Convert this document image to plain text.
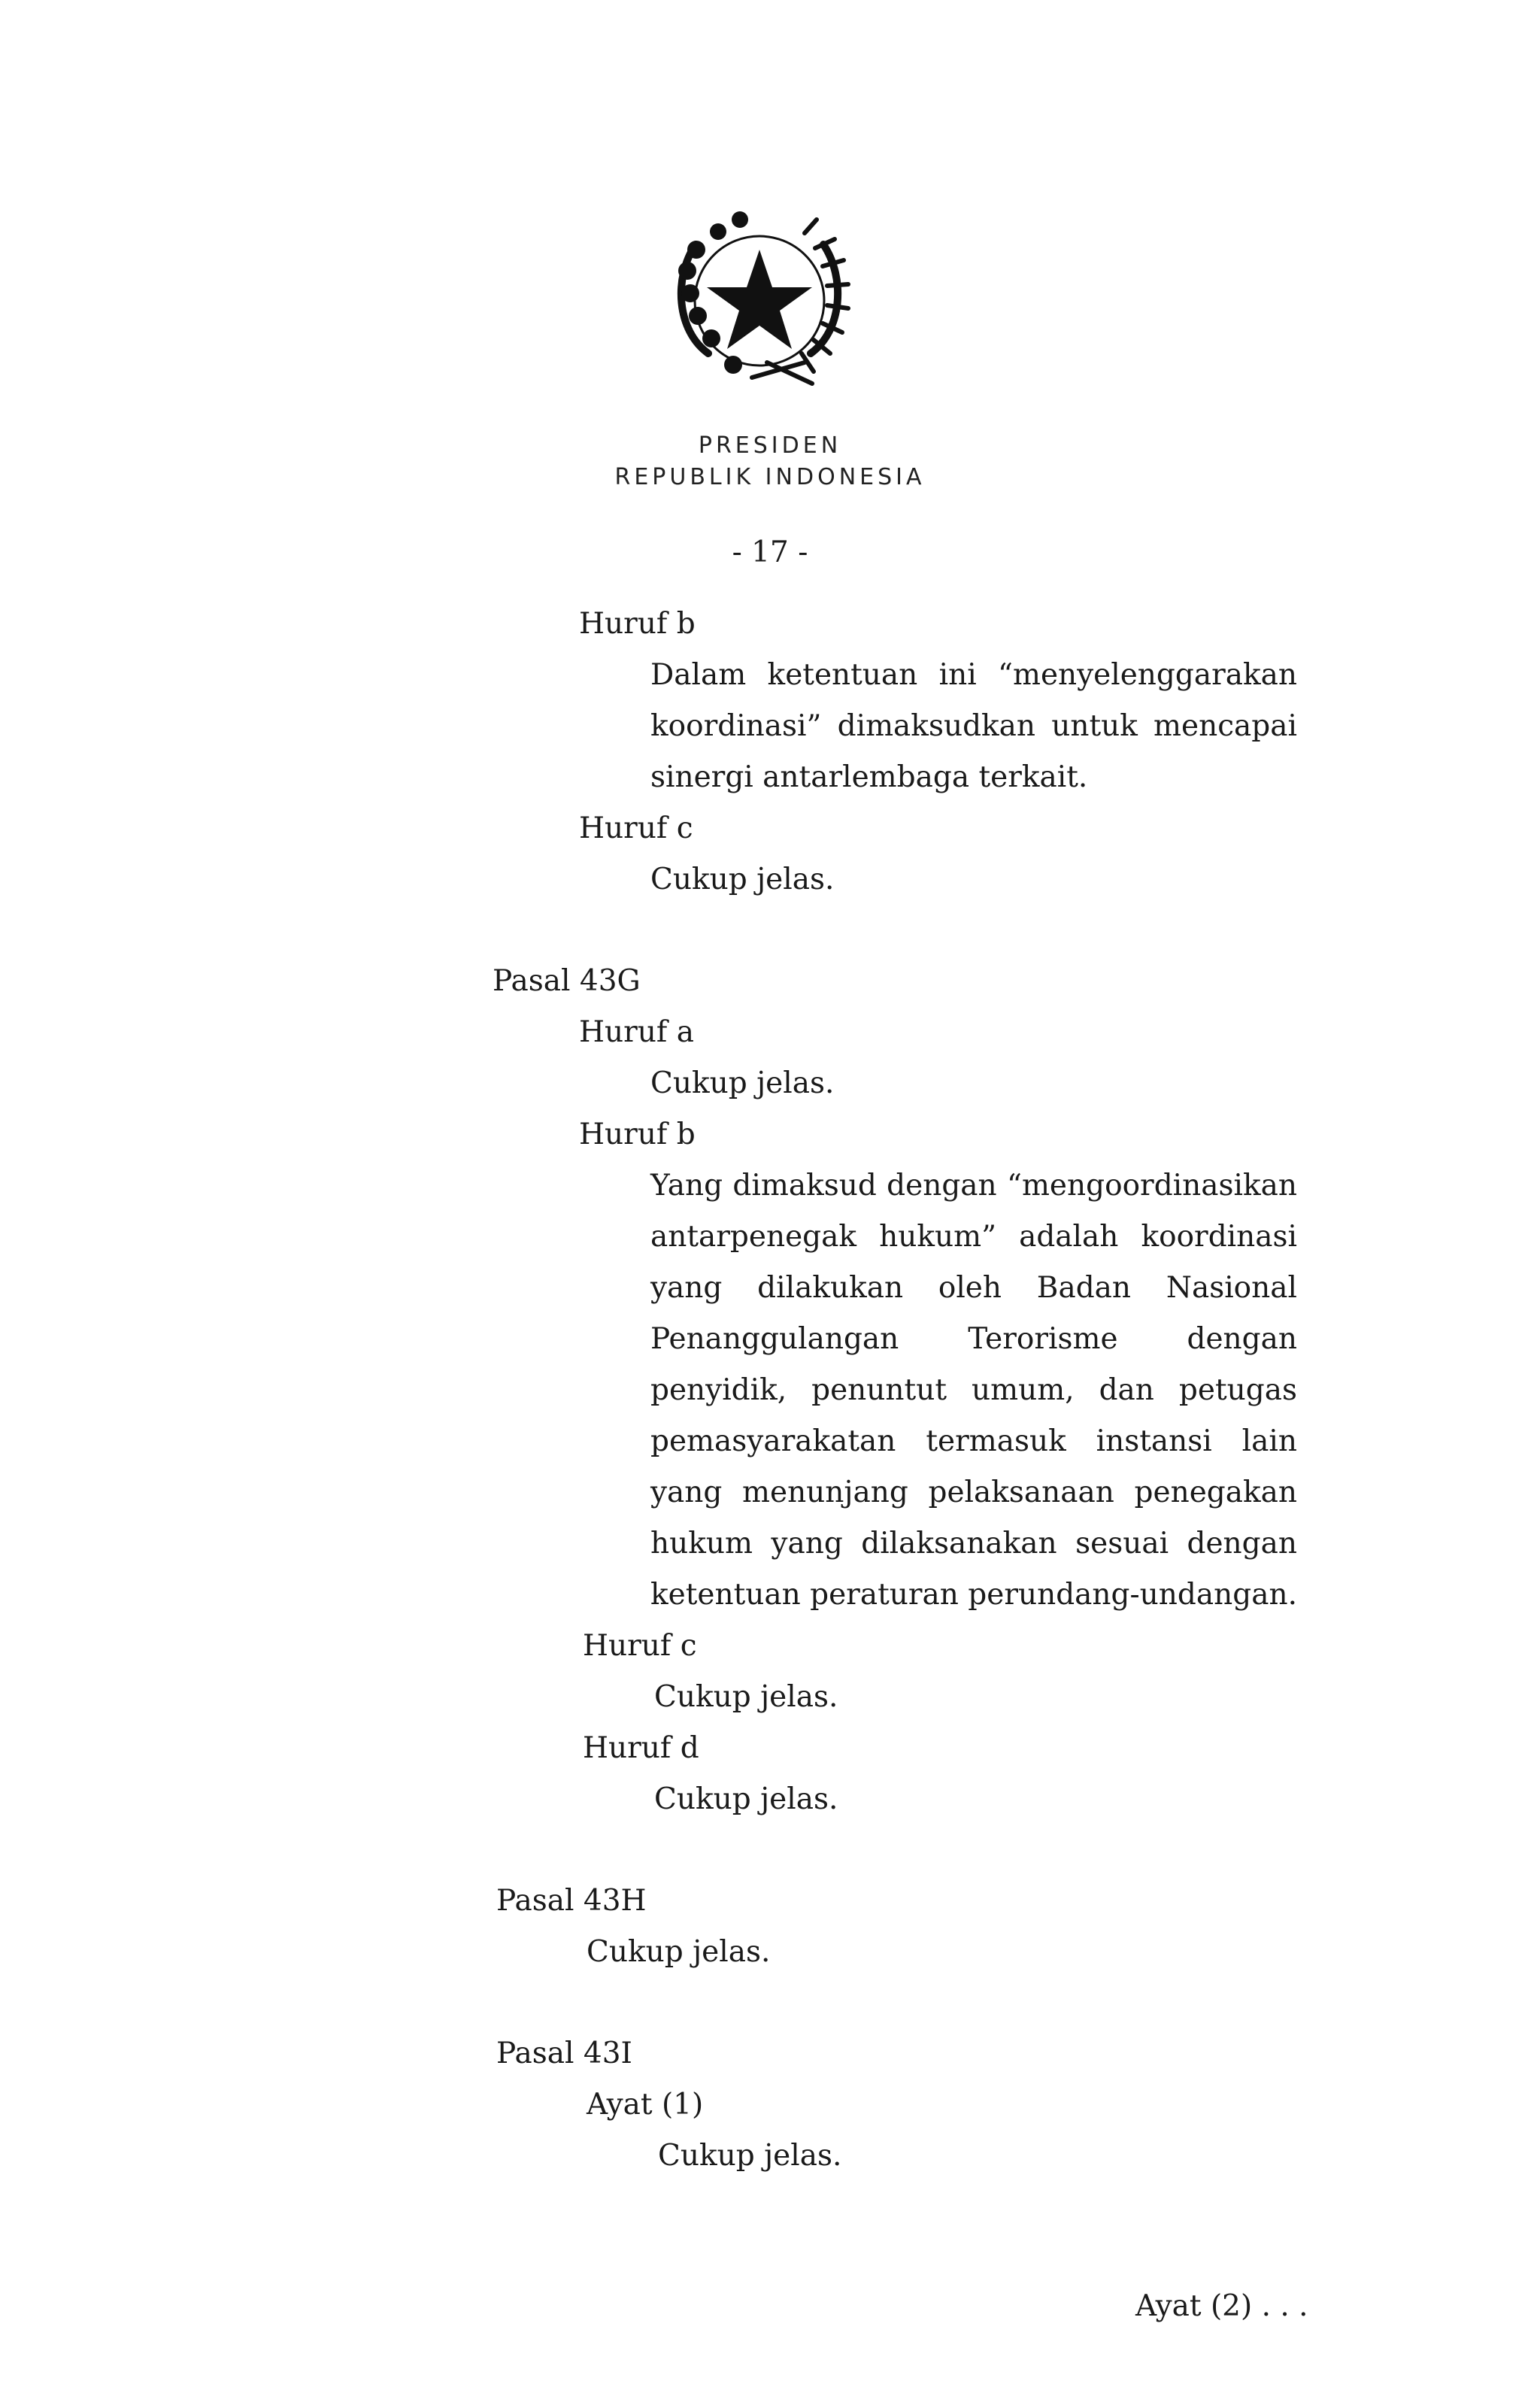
PRESIDEN
REPUBLIK INDONESIA
- 17 -
Huruf b
Dalam ketentuan ini “menyelenggarakan
koordinasi” dimaksudkan untuk mencapai
sinergi antarlembaga terkait.
Huruf c
Cukup jelas.
Pasal 43G
Huruf a
Cukup jelas.
Huruf b
Yang dimaksud dengan “mengoordinasikan
antarpenegak hukum” adalah koordinasi
yang dilakukan oleh Badan Nasional
Penanggulangan Terorisme dengan
penyidik, penuntut umum, dan petugas
pemasyarakatan termasuk instansi lain
yang menunjang pelaksanaan penegakan
hukum yang dilaksanakan sesuai dengan
ketentuan peraturan perundang-undangan.
Huruf c
Cukup jelas.
Huruf d
Cukup jelas.
Pasal 43H
Cukup jelas.
Pasal 43I
Ayat (1)
Cukup jelas.
Ayat (2) . . .
